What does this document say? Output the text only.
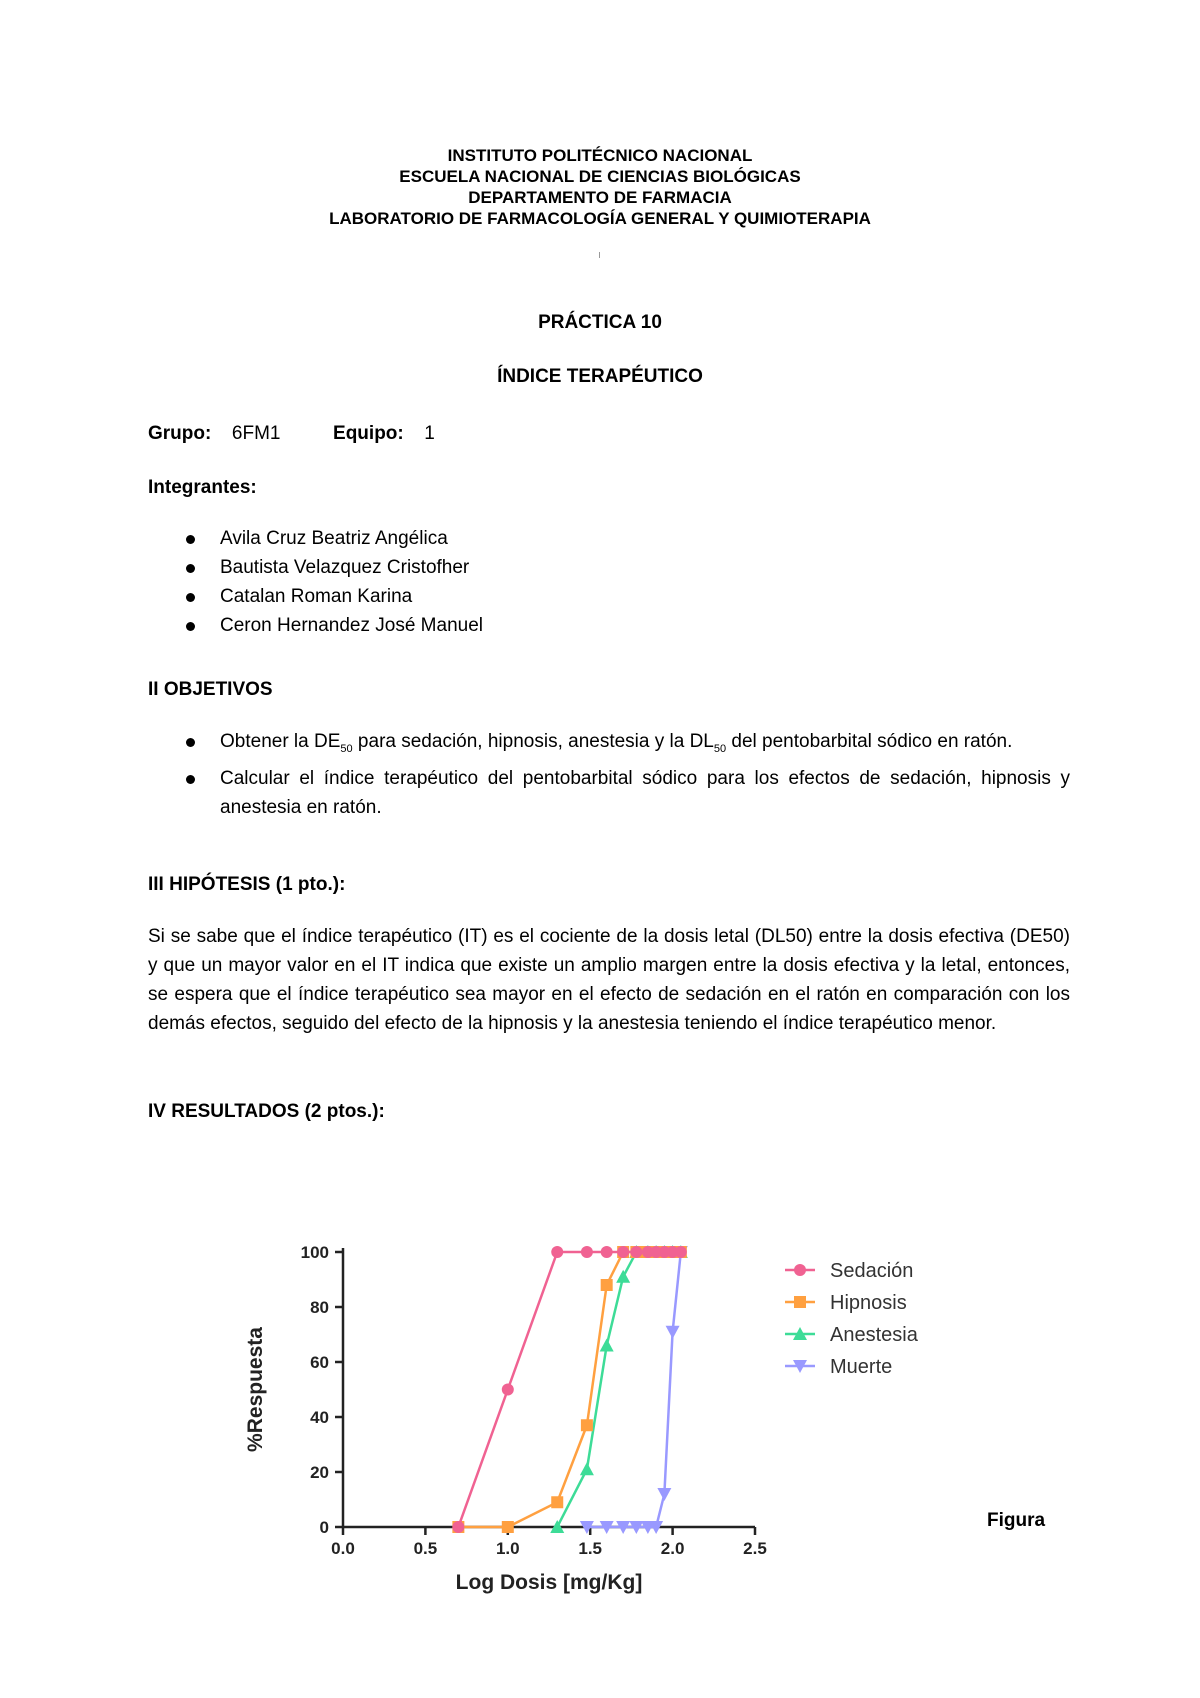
INSTITUTO POLITÉCNICO NACIONAL
ESCUELA NACIONAL DE CIENCIAS BIOLÓGICAS
DEPARTAMENTO DE FARMACIA
LABORATORIO DE FARMACOLOGÍA GENERAL Y QUIMIOTERAPIA
PRÁCTICA 10
ÍNDICE TERAPÉUTICO
Grupo: 6FM1	Equipo: 1
Integrantes:
Avila Cruz Beatriz Angélica
Bautista Velazquez Cristofher
Catalan Roman Karina
Ceron Hernandez José Manuel
II OBJETIVOS
Obtener la $DE_{50}$ para sedación, hipnosis, anestesia y la $DL_{50}$ del pentobarbital sódico en ratón.
Calcular el índice terapéutico del pentobarbital sódico para los efectos de sedación, hipnosis y anestesia en ratón.
III HIPÓTESIS (1 pto.):
Si se sabe que el índice terapéutico (IT) es el cociente de la dosis letal (DL50) entre la dosis efectiva (DE50) y que un mayor valor en el IT indica que existe un amplio margen entre la dosis efectiva y la letal, entonces, se espera que el índice terapéutico sea mayor en el efecto de sedación en el ratón en comparación con los demás efectos, seguido del efecto de la hipnosis y la anestesia teniendo el índice terapéutico menor.
IV RESULTADOS (2 ptos.):
0
20
40
60
80
100
0.0	0.5	1.0	1.5	2.0	2.5
Log Dosis [mg/Kg]
%Respuesta
Sedación
Hipnosis
Anestesia
Muerte
Figura
